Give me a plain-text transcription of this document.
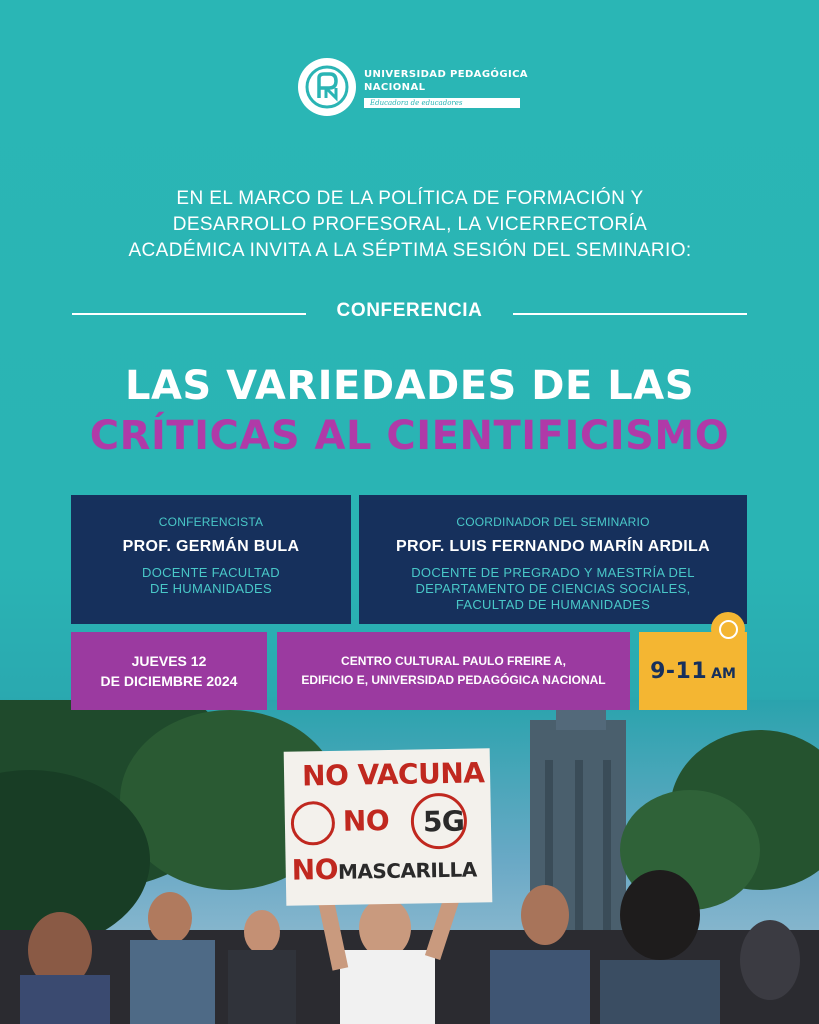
NO VACUNA
NO 5G
NOMASCARILLA
UNIVERSIDAD PEDAGÓGICA
NACIONAL
Educadora de educadores
EN EL MARCO DE LA POLÍTICA DE FORMACIÓN Y
DESARROLLO PROFESORAL, LA VICERRECTORÍA
ACADÉMICA INVITA A LA SÉPTIMA SESIÓN DEL SEMINARIO:
CONFERENCIA
LAS VARIEDADES DE LAS
CRÍTICAS AL CIENTIFICISMO
CONFERENCISTA
PROF. GERMÁN BULA
DOCENTE FACULTAD
DE HUMANIDADES
COORDINADOR DEL SEMINARIO
PROF. LUIS FERNANDO MARÍN ARDILA
DOCENTE DE PREGRADO Y MAESTRÍA DEL
DEPARTAMENTO DE CIENCIAS SOCIALES,
FACULTAD DE HUMANIDADES
JUEVES 12
DE DICIEMBRE 2024
CENTRO CULTURAL PAULO FREIRE A,
EDIFICIO E, UNIVERSIDAD PEDAGÓGICA NACIONAL	9-11 AM
